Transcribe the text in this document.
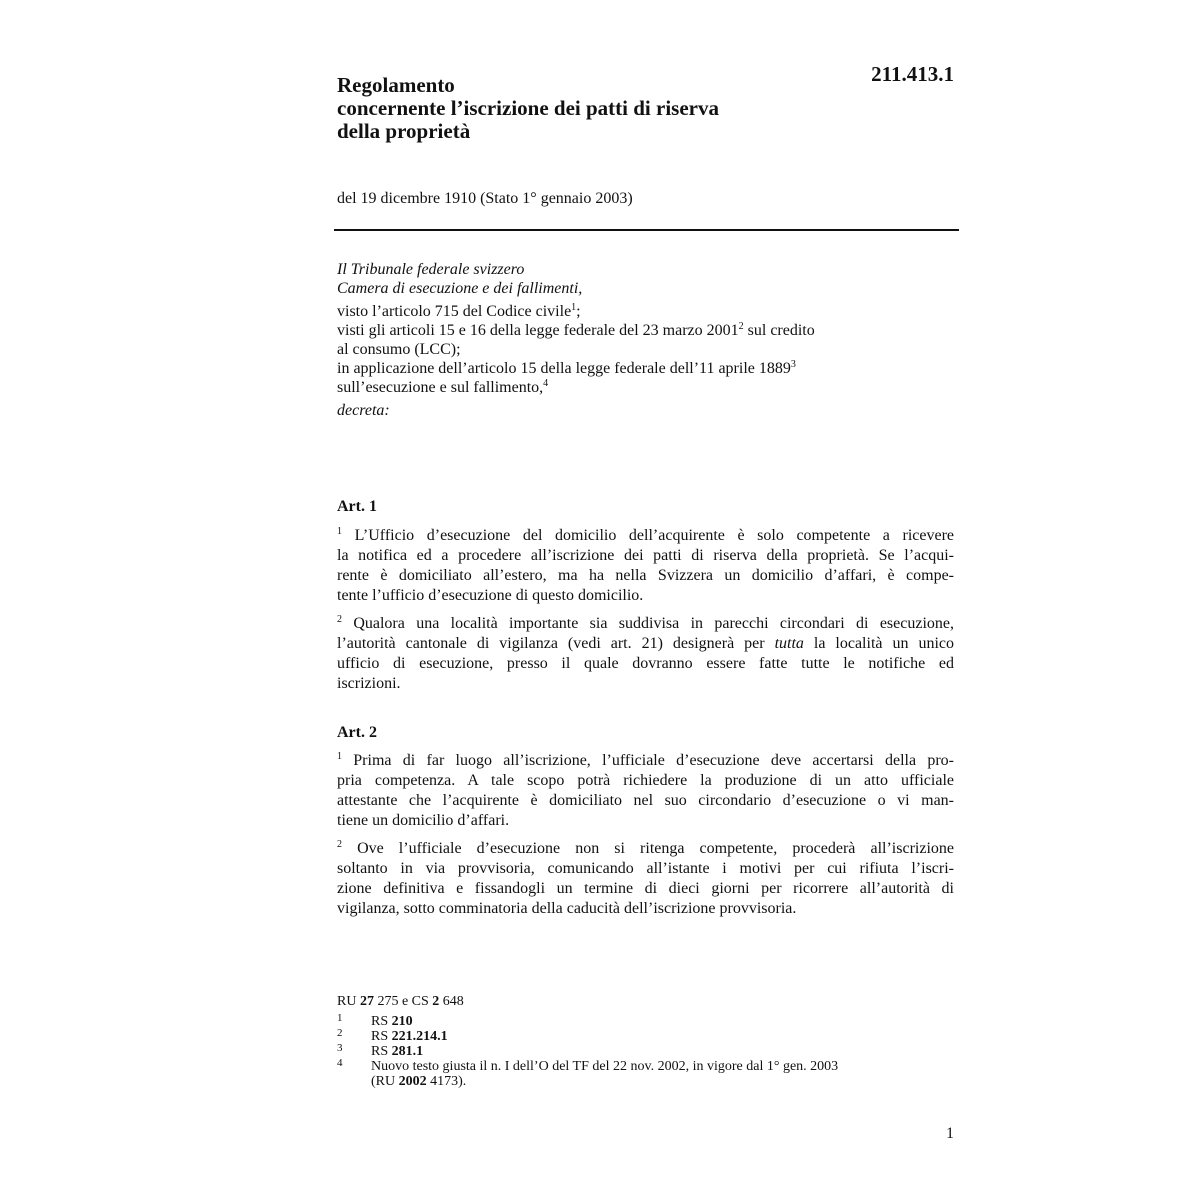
211.413.1
Regolamento
concernente l’iscrizione dei patti di riserva
della proprietà
del 19 dicembre 1910 (Stato 1° gennaio 2003)
Il Tribunale federale svizzero
Camera di esecuzione e dei fallimenti,
visto l’articolo 715 del Codice civile$^1$;
visti gli articoli 15 e 16 della legge federale del 23 marzo 2001$^2$ sul credito
al consumo (LCC);
in applicazione dell’articolo 15 della legge federale dell’11 aprile 1889$^3$
sull’esecuzione e sul fallimento,$^4$
decreta:
Art. 1
$^1$ L’Ufficio d’esecuzione del domicilio dell’acquirente è solo competente a ricevere
la notifica ed a procedere all’iscrizione dei patti di riserva della proprietà. Se l’acqui-
rente è domiciliato all’estero, ma ha nella Svizzera un domicilio d’affari, è compe-
tente l’ufficio d’esecuzione di questo domicilio.
$^2$ Qualora una località importante sia suddivisa in parecchi circondari di esecuzione,
l’autorità cantonale di vigilanza (vedi art. 21) designerà per tutta la località un unico
ufficio di esecuzione, presso il quale dovranno essere fatte tutte le notifiche ed
iscrizioni.
Art. 2
$^1$ Prima di far luogo all’iscrizione, l’ufficiale d’esecuzione deve accertarsi della pro-
pria competenza. A tale scopo potrà richiedere la produzione di un atto ufficiale
attestante che l’acquirente è domiciliato nel suo circondario d’esecuzione o vi man-
tiene un domicilio d’affari.
$^2$ Ove l’ufficiale d’esecuzione non si ritenga competente, procederà all’iscrizione
soltanto in via provvisoria, comunicando all’istante i motivi per cui rifiuta l’iscri-
zione definitiva e fissandogli un termine di dieci giorni per ricorrere all’autorità di
vigilanza, sotto comminatoria della caducità dell’iscrizione provvisoria.
RU 27 275 e CS 2 648
1 RS 210
2 RS 221.214.1
3 RS 281.1
4 Nuovo testo giusta il n. I dell’O del TF del 22 nov. 2002, in vigore dal 1° gen. 2003
(RU 2002 4173).
1
